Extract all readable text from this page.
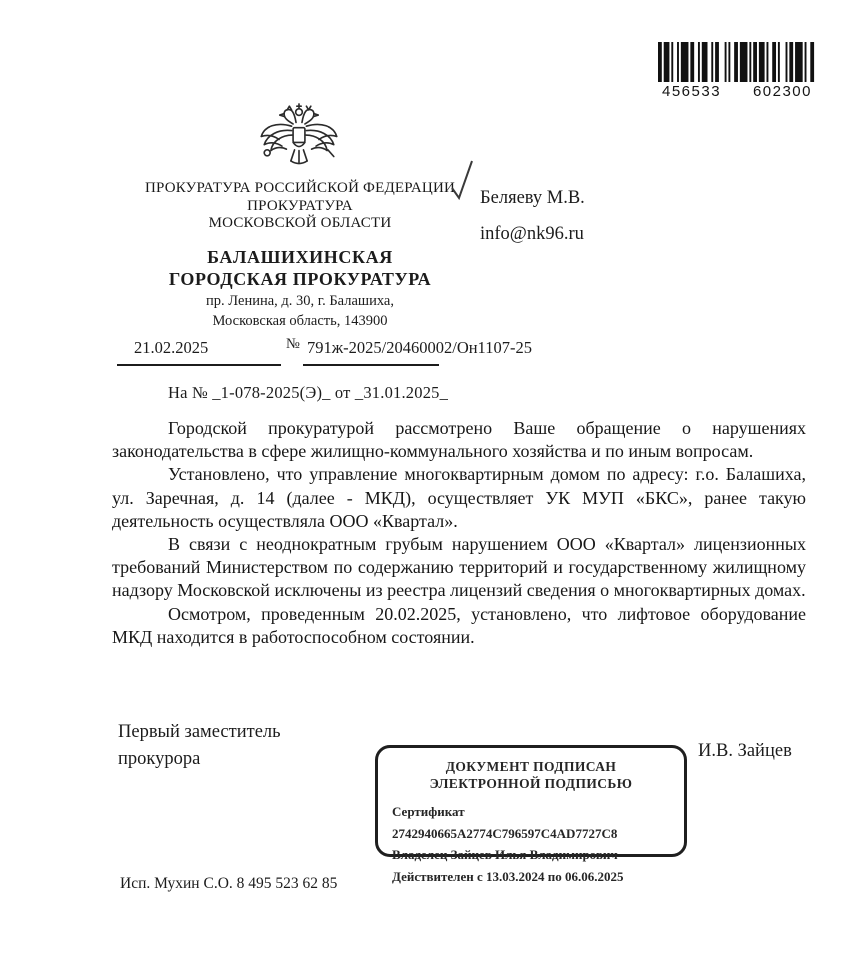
456533 602300
ПРОКУРАТУРА РОССИЙСКОЙ ФЕДЕРАЦИИ
ПРОКУРАТУРА
МОСКОВСКОЙ ОБЛАСТИ
Беляеву М.В.
info@nk96.ru
БАЛАШИХИНСКАЯ
ГОРОДСКАЯ ПРОКУРАТУРА
пр. Ленина, д. 30, г. Балашиха,
Московская область, 143900
21.02.2025	№ 791ж-2025/20460002/Он1107-25
На № _1-078-2025(Э)_ от _31.01.2025_

Городской прокуратурой рассмотрено Ваше обращение о нарушениях законодательства в сфере жилищно-коммунального хозяйства и по иным вопросам.

Установлено, что управление многоквартирным домом по адресу: г.о. Балашиха, ул. Заречная, д. 14 (далее - МКД), осуществляет УК МУП «БКС», ранее такую деятельность осуществляла ООО «Квартал».

В связи с неоднократным грубым нарушением ООО «Квартал» лицензионных требований Министерством по содержанию территорий и государственному жилищному надзору Московской исключены из реестра лицензий сведения о многоквартирных домах.

Осмотром, проведенным 20.02.2025, установлено, что лифтовое оборудование МКД находится в работоспособном состоянии.

Первый заместитель
прокурора	И.В. Зайцев
ДОКУМЕНТ ПОДПИСАН
ЭЛЕКТРОННОЙ ПОДПИСЬЮ
Сертификат 2742940665A2774C796597C4AD7727C8
Владелец Зайцев Илья Владимирович
Действителен с 13.03.2024 по 06.06.2025
Исп. Мухин С.О. 8 495 523 62 85
